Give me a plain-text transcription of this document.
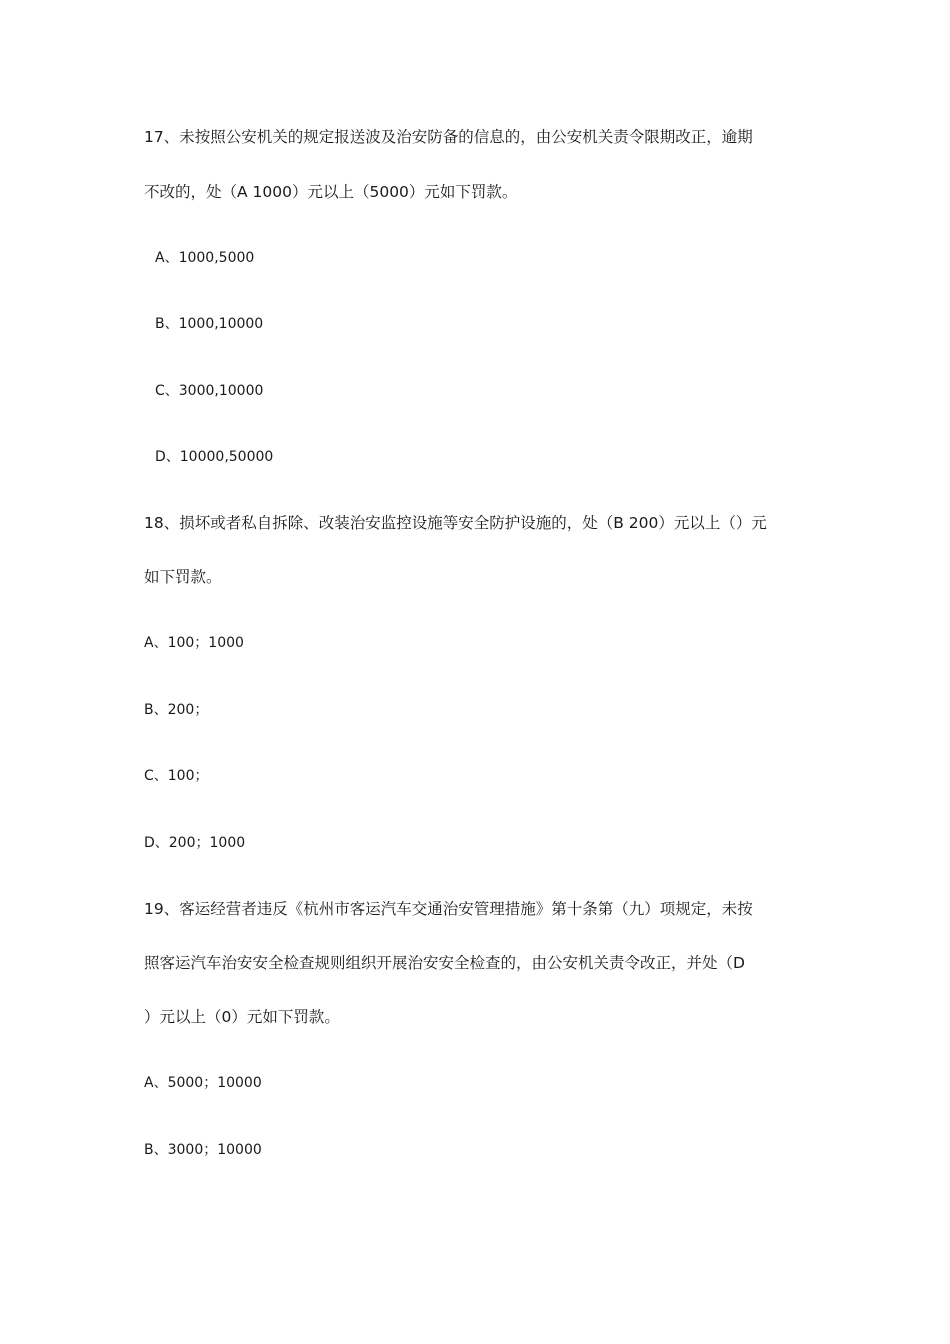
17、未按照公安机关的规定报送波及治安防备的信息的，由公安机关责令限期改正，逾期
不改的，处（A 1000）元以上（5000）元如下罚款。
A、1000,5000
B、1000,10000
C、3000,10000
D、10000,50000
18、损坏或者私自拆除、改装治安监控设施等安全防护设施的，处（B 200）元以上（）元
如下罚款。
A、100；1000
B、200；
C、100；
D、200；1000
19、客运经营者违反《杭州市客运汽车交通治安管理措施》第十条第（九）项规定，未按
照客运汽车治安安全检查规则组织开展治安安全检查的，由公安机关责令改正，并处（D
）元以上（0）元如下罚款。
A、5000；10000
B、3000；10000
